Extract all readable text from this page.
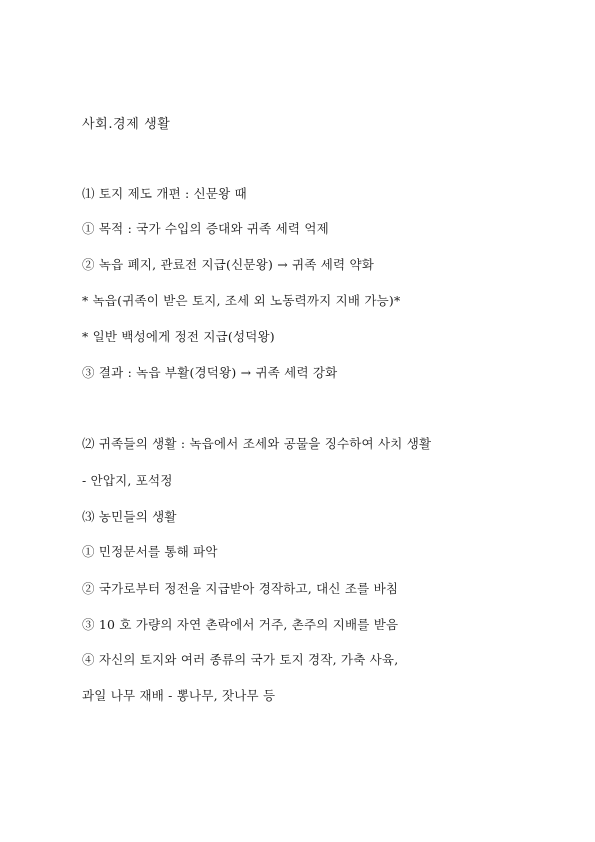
사회.경제 생활
⑴ 토지 제도 개편 : 신문왕 때
① 목적 : 국가 수입의 증대와 귀족 세력 억제
② 녹읍 폐지, 관료전 지급(신문왕) → 귀족 세력 약화
* 녹읍(귀족이 받은 토지, 조세 외 노동력까지 지배 가능)*
* 일반 백성에게 정전 지급(성덕왕)
③ 결과 : 녹읍 부활(경덕왕) → 귀족 세력 강화
⑵ 귀족들의 생활 : 녹읍에서 조세와 공물을 징수하여 사치 생활
- 안압지, 포석정
⑶ 농민들의 생활
① 민정문서를 통해 파악
② 국가로부터 정전을 지급받아 경작하고, 대신 조를 바침
③ 10 호 가량의 자연 촌락에서 거주, 촌주의 지배를 받음
④ 자신의 토지와 여러 종류의 국가 토지 경작, 가축 사육,
과일 나무 재배 - 뽕나무, 잣나무 등
